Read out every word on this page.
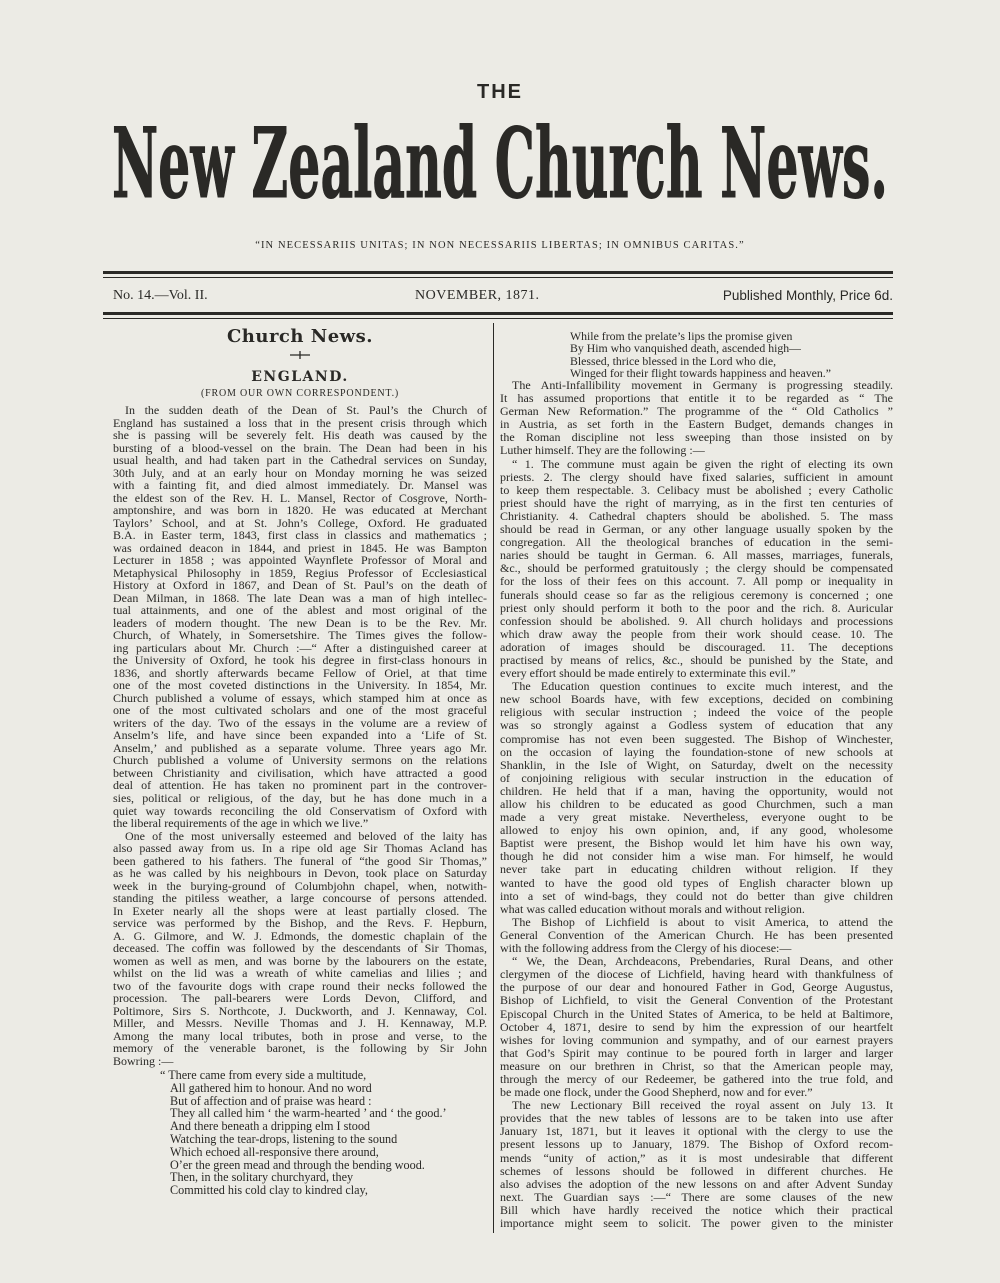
THE
New Zealand Church News.
“IN NECESSARIIS UNITAS; IN NON NECESSARIIS LIBERTAS; IN OMNIBUS CARITAS.”
No. 14.—Vol. II.	NOVEMBER, 1871.	Published Monthly, Price 6d.
Church News.
ENGLAND.
(FROM OUR OWN CORRESPONDENT.)
In the sudden death of the Dean of St. Paul’s the Church of
England has sustained a loss that in the present crisis through which
she is passing will be severely felt. His death was caused by the
bursting of a blood-vessel on the brain. The Dean had been in his
usual health, and had taken part in the Cathedral services on Sunday,
30th July, and at an early hour on Monday morning he was seized
with a fainting fit, and died almost immediately. Dr. Mansel was
the eldest son of the Rev. H. L. Mansel, Rector of Cosgrove, North-
amptonshire, and was born in 1820. He was educated at Merchant
Taylors’ School, and at St. John’s College, Oxford. He graduated
B.A. in Easter term, 1843, first class in classics and mathematics ;
was ordained deacon in 1844, and priest in 1845. He was Bampton
Lecturer in 1858 ; was appointed Waynflete Professor of Moral and
Metaphysical Philosophy in 1859, Regius Professor of Ecclesiastical
History at Oxford in 1867, and Dean of St. Paul’s on the death of
Dean Milman, in 1868. The late Dean was a man of high intellec-
tual attainments, and one of the ablest and most original of the
leaders of modern thought. The new Dean is to be the Rev. Mr.
Church, of Whately, in Somersetshire. The Times gives the follow-
ing particulars about Mr. Church :—“ After a distinguished career at
the University of Oxford, he took his degree in first-class honours in
1836, and shortly afterwards became Fellow of Oriel, at that time
one of the most coveted distinctions in the University. In 1854, Mr.
Church published a volume of essays, which stamped him at once as
one of the most cultivated scholars and one of the most graceful
writers of the day. Two of the essays in the volume are a review of
Anselm’s life, and have since been expanded into a ‘Life of St.
Anselm,’ and published as a separate volume. Three years ago Mr.
Church published a volume of University sermons on the relations
between Christianity and civilisation, which have attracted a good
deal of attention. He has taken no prominent part in the controver-
sies, political or religious, of the day, but he has done much in a
quiet way towards reconciling the old Conservatism of Oxford with
the liberal requirements of the age in which we live.”
One of the most universally esteemed and beloved of the laity has
also passed away from us. In a ripe old age Sir Thomas Acland has
been gathered to his fathers. The funeral of “the good Sir Thomas,”
as he was called by his neighbours in Devon, took place on Saturday
week in the burying-ground of Columbjohn chapel, when, notwith-
standing the pitiless weather, a large concourse of persons attended.
In Exeter nearly all the shops were at least partially closed. The
service was performed by the Bishop, and the Revs. F. Hepburn,
A. G. Gilmore, and W. J. Edmonds, the domestic chaplain of the
deceased. The coffin was followed by the descendants of Sir Thomas,
women as well as men, and was borne by the labourers on the estate,
whilst on the lid was a wreath of white camelias and lilies ; and
two of the favourite dogs with crape round their necks followed the
procession. The pall-bearers were Lords Devon, Clifford, and
Poltimore, Sirs S. Northcote, J. Duckworth, and J. Kennaway, Col.
Miller, and Messrs. Neville Thomas and J. H. Kennaway, M.P.
Among the many local tributes, both in prose and verse, to the
memory of the venerable baronet, is the following by Sir John
Bowring :—
“ There came from every side a multitude,
All gathered him to honour. And no word
But of affection and of praise was heard :
They all called him ‘ the warm-hearted ’ and ‘ the good.’
And there beneath a dripping elm I stood
Watching the tear-drops, listening to the sound
Which echoed all-responsive there around,
O’er the green mead and through the bending wood.
Then, in the solitary churchyard, they
Committed his cold clay to kindred clay,
While from the prelate’s lips the promise given
By Him who vanquished death, ascended high—
Blessed, thrice blessed in the Lord who die,
Winged for their flight towards happiness and heaven.”
The Anti-Infallibility movement in Germany is progressing steadily.
It has assumed proportions that entitle it to be regarded as “ The
German New Reformation.” The programme of the “ Old Catholics ”
in Austria, as set forth in the Eastern Budget, demands changes in
the Roman discipline not less sweeping than those insisted on by
Luther himself. They are the following :—
“ 1. The commune must again be given the right of electing its own
priests. 2. The clergy should have fixed salaries, sufficient in amount
to keep them respectable. 3. Celibacy must be abolished ; every Catholic
priest should have the right of marrying, as in the first ten centuries of
Christianity. 4. Cathedral chapters should be abolished. 5. The mass
should be read in German, or any other language usually spoken by the
congregation. All the theological branches of education in the semi-
naries should be taught in German. 6. All masses, marriages, funerals,
&c., should be performed gratuitously ; the clergy should be compensated
for the loss of their fees on this account. 7. All pomp or inequality in
funerals should cease so far as the religious ceremony is concerned ; one
priest only should perform it both to the poor and the rich. 8. Auricular
confession should be abolished. 9. All church holidays and processions
which draw away the people from their work should cease. 10. The
adoration of images should be discouraged. 11. The deceptions
practised by means of relics, &c., should be punished by the State, and
every effort should be made entirely to exterminate this evil.”
The Education question continues to excite much interest, and the
new school Boards have, with few exceptions, decided on combining
religious with secular instruction ; indeed the voice of the people
was so strongly against a Godless system of education that any
compromise has not even been suggested. The Bishop of Winchester,
on the occasion of laying the foundation-stone of new schools at
Shanklin, in the Isle of Wight, on Saturday, dwelt on the necessity
of conjoining religious with secular instruction in the education of
children. He held that if a man, having the opportunity, would not
allow his children to be educated as good Churchmen, such a man
made a very great mistake. Nevertheless, everyone ought to be
allowed to enjoy his own opinion, and, if any good, wholesome
Baptist were present, the Bishop would let him have his own way,
though he did not consider him a wise man. For himself, he would
never take part in educating children without religion. If they
wanted to have the good old types of English character blown up
into a set of wind-bags, they could not do better than give children
what was called education without morals and without religion.
The Bishop of Lichfield is about to visit America, to attend the
General Convention of the American Church. He has been presented
with the following address from the Clergy of his diocese:—
“ We, the Dean, Archdeacons, Prebendaries, Rural Deans, and other
clergymen of the diocese of Lichfield, having heard with thankfulness of
the purpose of our dear and honoured Father in God, George Augustus,
Bishop of Lichfield, to visit the General Convention of the Protestant
Episcopal Church in the United States of America, to be held at Baltimore,
October 4, 1871, desire to send by him the expression of our heartfelt
wishes for loving communion and sympathy, and of our earnest prayers
that God’s Spirit may continue to be poured forth in larger and larger
measure on our brethren in Christ, so that the American people may,
through the mercy of our Redeemer, be gathered into the true fold, and
be made one flock, under the Good Shepherd, now and for ever.”
The new Lectionary Bill received the royal assent on July 13. It
provides that the new tables of lessons are to be taken into use after
January 1st, 1871, but it leaves it optional with the clergy to use the
present lessons up to January, 1879. The Bishop of Oxford recom-
mends “unity of action,” as it is most undesirable that different
schemes of lessons should be followed in different churches. He
also advises the adoption of the new lessons on and after Advent Sunday
next. The Guardian says :—“ There are some clauses of the new
Bill which have hardly received the notice which their practical
importance might seem to solicit. The power given to the minister
